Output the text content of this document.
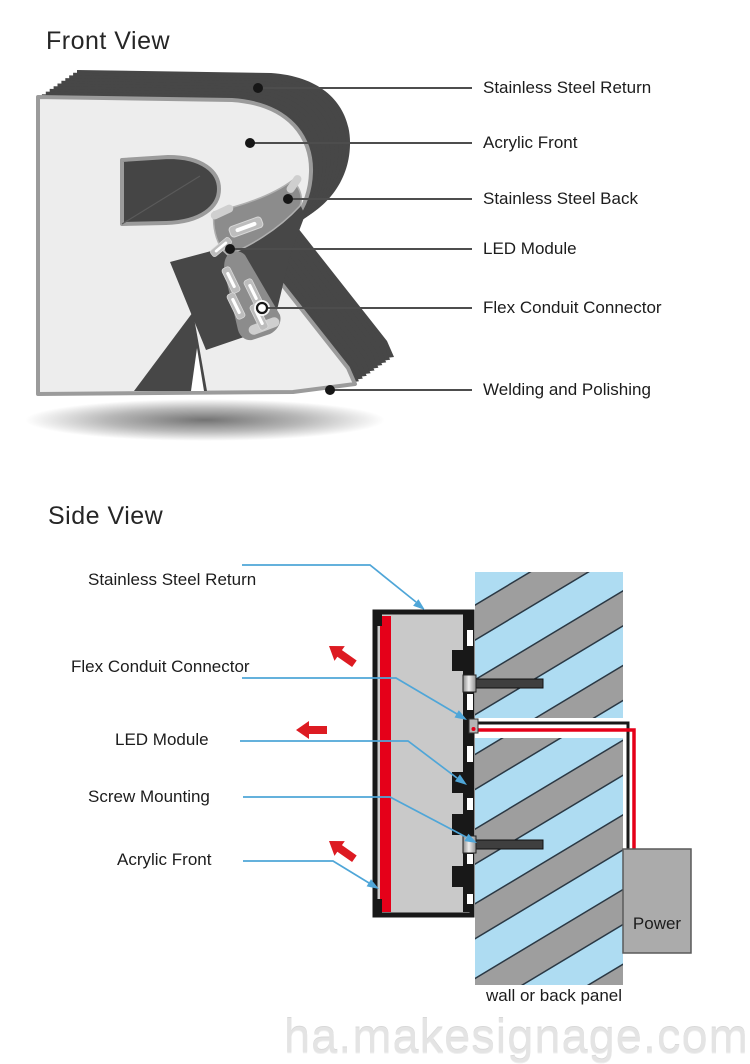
Front View
Stainless Steel Return
Acrylic Front
Stainless Steel Back
LED Module
Flex Conduit Connector
Welding and Polishing
Side View
Stainless Steel Return
Flex Conduit Connector
LED Module
Screw Mounting
Acrylic Front
Power
wall or back panel
ha.makesignage.com
